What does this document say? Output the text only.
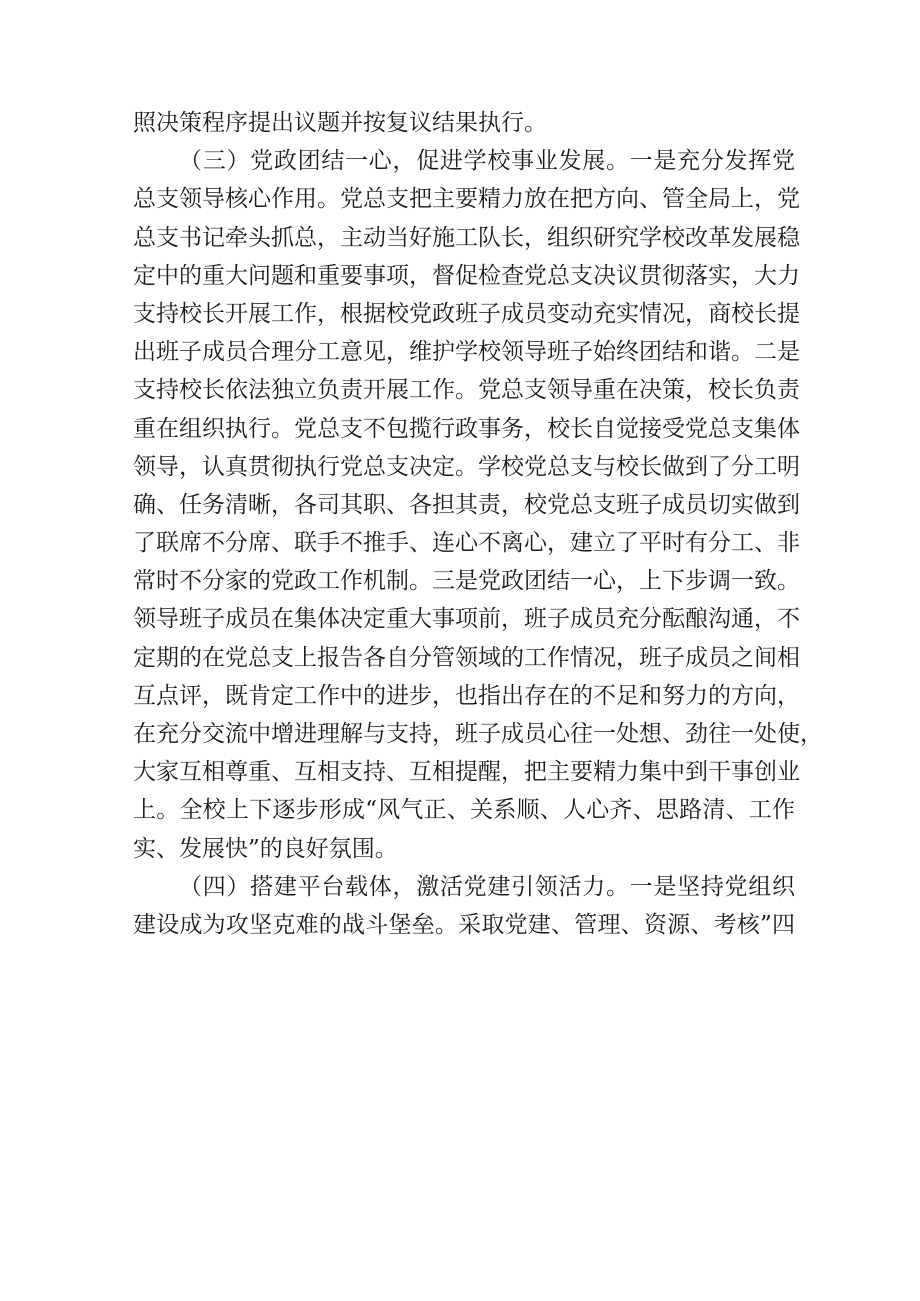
照决策程序提出议题并按复议结果执行。
（三）党政团结一心，促进学校事业发展。一是充分发挥党
总支领导核心作用。党总支把主要精力放在把方向、管全局上，党
总支书记牵头抓总，主动当好施工队长，组织研究学校改革发展稳
定中的重大问题和重要事项，督促检查党总支决议贯彻落实，大力
支持校长开展工作，根据校党政班子成员变动充实情况，商校长提
出班子成员合理分工意见，维护学校领导班子始终团结和谐。二是
支持校长依法独立负责开展工作。党总支领导重在决策，校长负责
重在组织执行。党总支不包揽行政事务，校长自觉接受党总支集体
领导，认真贯彻执行党总支决定。学校党总支与校长做到了分工明
确、任务清晰，各司其职、各担其责，校党总支班子成员切实做到
了联席不分席、联手不推手、连心不离心，建立了平时有分工、非
常时不分家的党政工作机制。三是党政团结一心，上下步调一致。
领导班子成员在集体决定重大事项前，班子成员充分酝酿沟通，不
定期的在党总支上报告各自分管领域的工作情况，班子成员之间相
互点评，既肯定工作中的进步，也指出存在的不足和努力的方向，
在充分交流中增进理解与支持，班子成员心往一处想、劲往一处使，
大家互相尊重、互相支持、互相提醒，把主要精力集中到干事创业
上。全校上下逐步形成“风气正、关系顺、人心齐、思路清、工作
实、发展快”的良好氛围。
（四）搭建平台载体，激活党建引领活力。一是坚持党组织
建设成为攻坚克难的战斗堡垒。采取党建、管理、资源、考核”四
